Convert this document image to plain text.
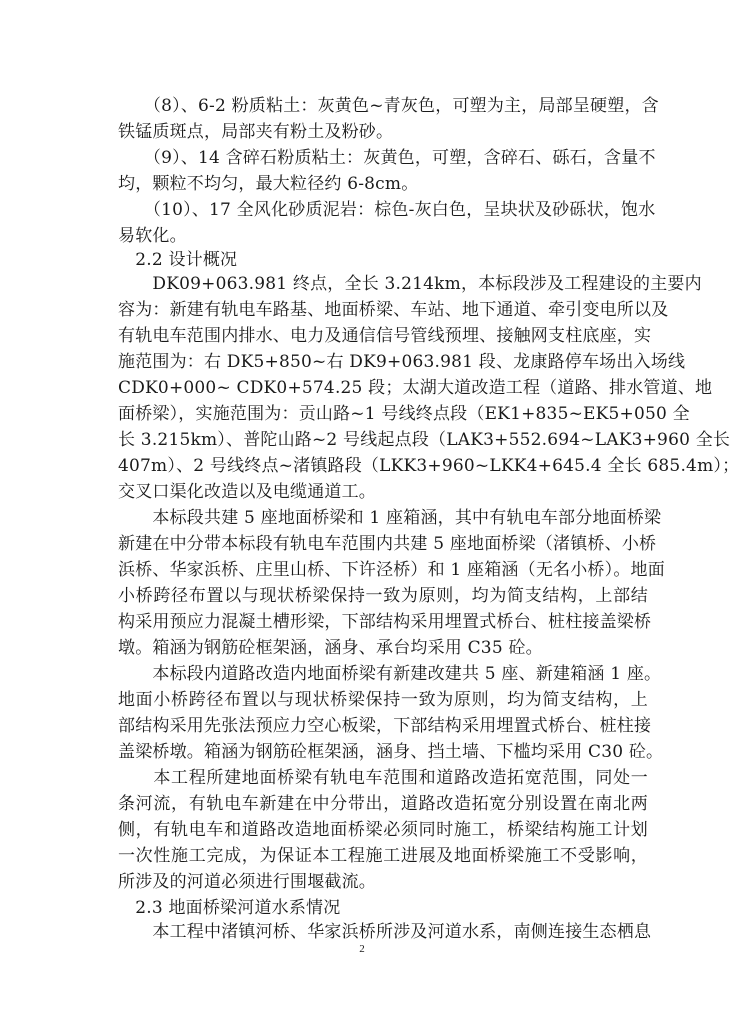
　　（8）、6-2 粉质粘土：灰黄色~青灰色，可塑为主，局部呈硬塑，含
铁锰质斑点，局部夹有粉土及粉砂。
　　（9）、14 含碎石粉质粘土：灰黄色，可塑，含碎石、砾石，含量不
均，颗粒不均匀，最大粒径约 6-8cm。
　　（10）、17 全风化砂质泥岩：棕色-灰白色，呈块状及砂砾状，饱水
易软化。
　2.2 设计概况
　　DK09+063.981 终点，全长 3.214km，本标段涉及工程建设的主要内
容为：新建有轨电车路基、地面桥梁、车站、地下通道、牵引变电所以及
有轨电车范围内排水、电力及通信信号管线预埋、接触网支柱底座，实
施范围为：右 DK5+850~右 DK9+063.981 段、龙康路停车场出入场线
CDK0+000~ CDK0+574.25 段；太湖大道改造工程（道路、排水管道、地
面桥梁），实施范围为：贡山路~1 号线终点段（EK1+835~EK5+050 全
长 3.215km）、普陀山路~2 号线起点段（LAK3+552.694~LAK3+960 全长
407m）、2 号线终点~渚镇路段（LKK3+960~LKK4+645.4 全长 685.4m）；
交叉口渠化改造以及电缆通道工。
　　本标段共建 5 座地面桥梁和 1 座箱涵，其中有轨电车部分地面桥梁
新建在中分带本标段有轨电车范围内共建 5 座地面桥梁（渚镇桥、小桥
浜桥、华家浜桥、庄里山桥、下许泾桥）和 1 座箱涵（无名小桥）。地面
小桥跨径布置以与现状桥梁保持一致为原则，均为简支结构，上部结
构采用预应力混凝土槽形梁，下部结构采用埋置式桥台、桩柱接盖梁桥
墩。箱涵为钢筋砼框架涵，涵身、承台均采用 C35 砼。
　　本标段内道路改造内地面桥梁有新建改建共 5 座、新建箱涵 1 座。
地面小桥跨径布置以与现状桥梁保持一致为原则，均为简支结构，上
部结构采用先张法预应力空心板梁，下部结构采用埋置式桥台、桩柱接
盖梁桥墩。箱涵为钢筋砼框架涵，涵身、挡土墙、下槛均采用 C30 砼。
　　本工程所建地面桥梁有轨电车范围和道路改造拓宽范围，同处一
条河流，有轨电车新建在中分带出，道路改造拓宽分别设置在南北两
侧，有轨电车和道路改造地面桥梁必须同时施工，桥梁结构施工计划
一次性施工完成，为保证本工程施工进展及地面桥梁施工不受影响，
所涉及的河道必须进行围堰截流。
　2.3 地面桥梁河道水系情况
　　本工程中渚镇河桥、华家浜桥所涉及河道水系，南侧连接生态栖息
2
